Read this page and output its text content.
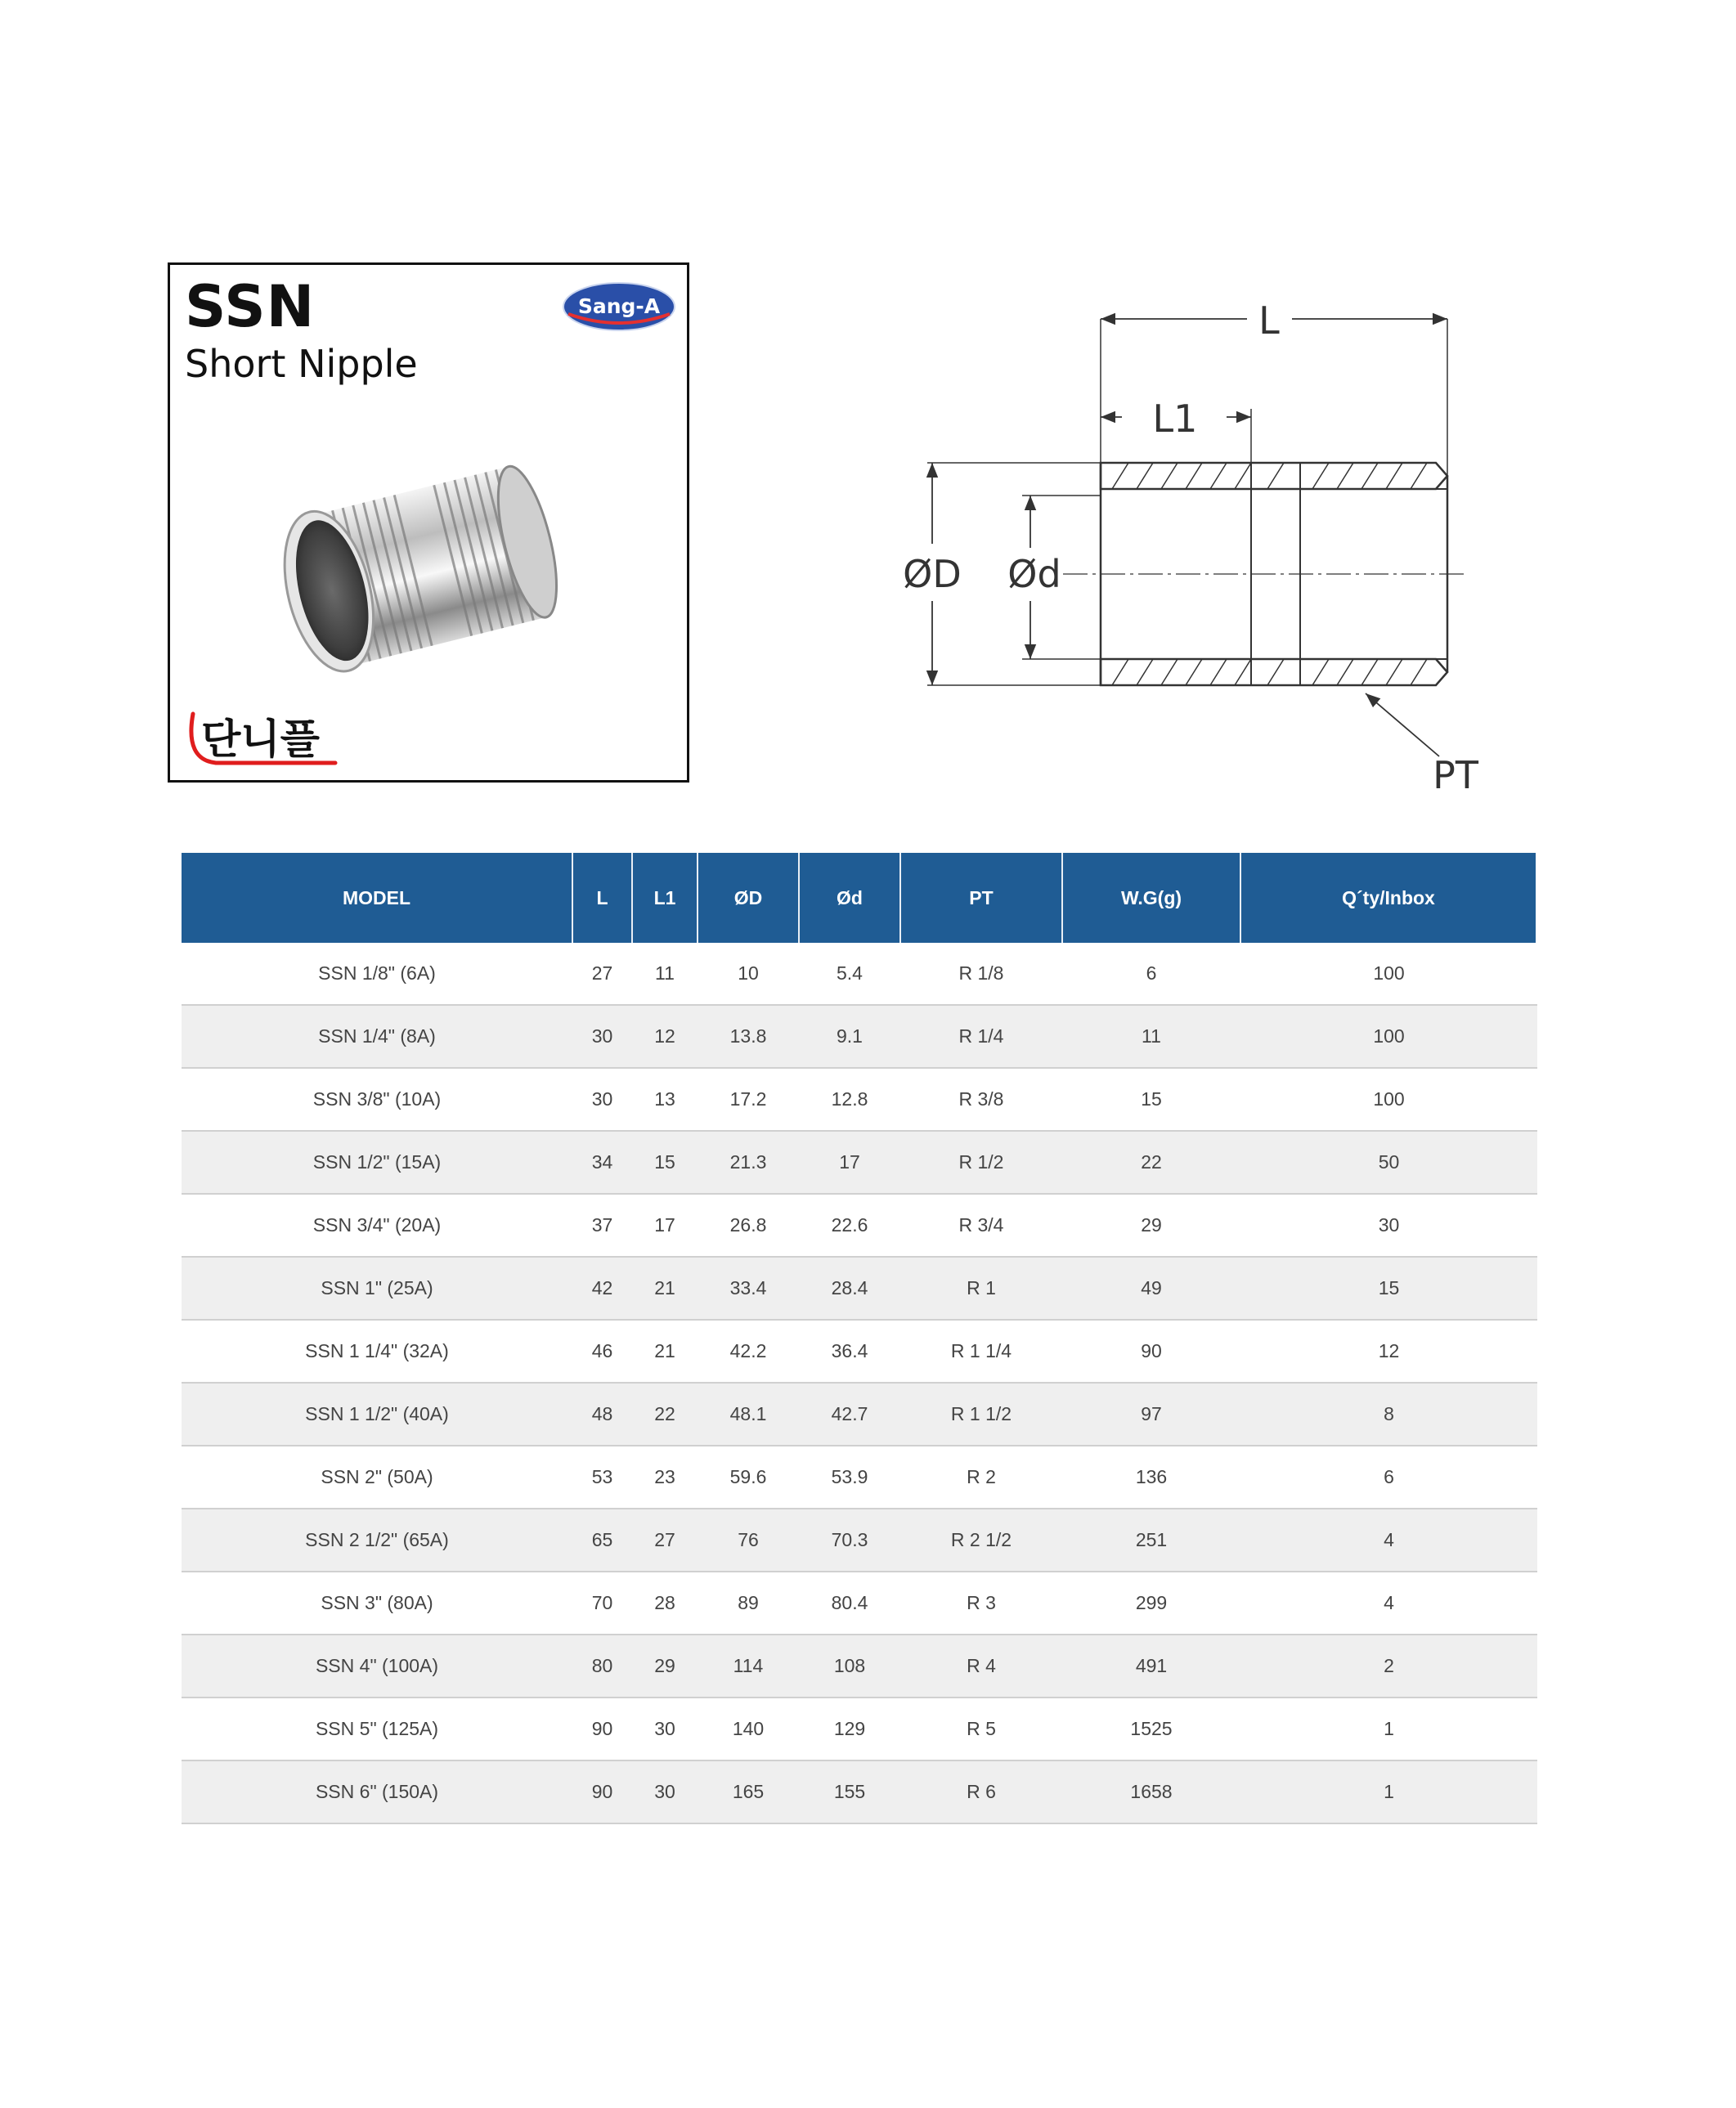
SSN
Short Nipple
Sang-A
단니플
L
L1
ØD Ød
PT
MODEL	L	L1	ØD	Ød	PT	W.G(g)	Q´ty/Inbox
SSN 1/8" (6A)	27	11	10	5.4	R 1/8	6	100
SSN 1/4" (8A)	30	12	13.8	9.1	R 1/4	11	100
SSN 3/8" (10A)	30	13	17.2	12.8	R 3/8	15	100
SSN 1/2" (15A)	34	15	21.3	17	R 1/2	22	50
SSN 3/4" (20A)	37	17	26.8	22.6	R 3/4	29	30
SSN 1" (25A)	42	21	33.4	28.4	R 1	49	15
SSN 1 1/4" (32A)	46	21	42.2	36.4	R 1 1/4	90	12
SSN 1 1/2" (40A)	48	22	48.1	42.7	R 1 1/2	97	8
SSN 2" (50A)	53	23	59.6	53.9	R 2	136	6
SSN 2 1/2" (65A)	65	27	76	70.3	R 2 1/2	251	4
SSN 3" (80A)	70	28	89	80.4	R 3	299	4
SSN 4" (100A)	80	29	114	108	R 4	491	2
SSN 5" (125A)	90	30	140	129	R 5	1525	1
SSN 6" (150A)	90	30	165	155	R 6	1658	1
